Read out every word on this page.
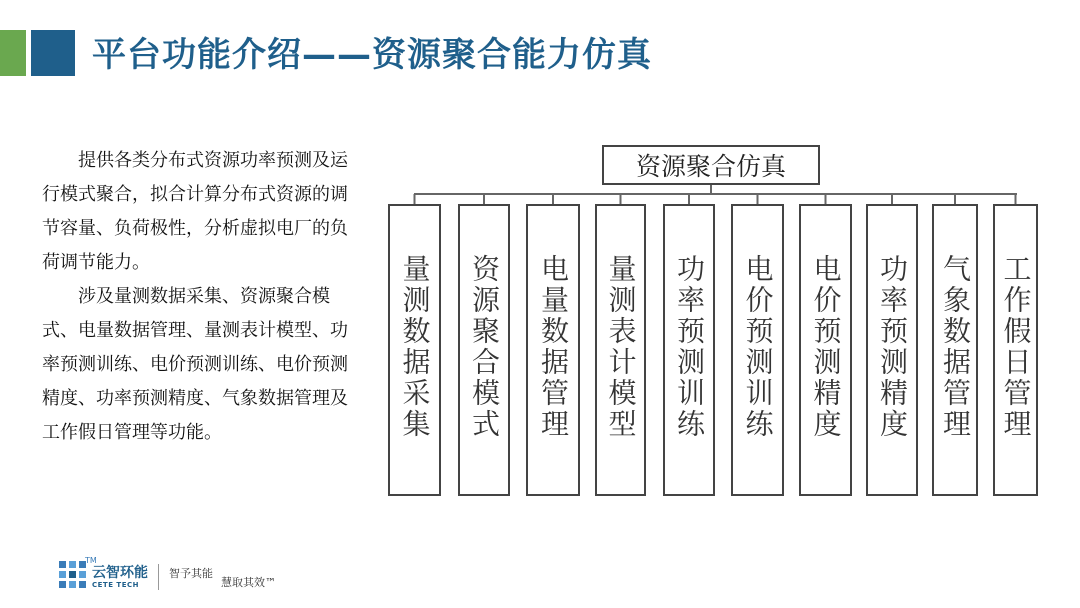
平台功能介绍——资源聚合能力仿真

提供各类分布式资源功率预测及运行模式聚合，拟合计算分布式资源的调节容量、负荷极性，分析虚拟电厂的负荷调节能力。

涉及量测数据采集、资源聚合模式、电量数据管理、量测表计模型、功率预测训练、电价预测训练、电价预测精度、功率预测精度、气象数据管理及工作假日管理等功能。

资源聚合仿真
量测数据采集 资源聚合模式 电量数据管理 量测表计模型 功率预测训练 电价预测训练 电价预测精度 功率预测精度 气象数据管理 工作假日管理
TM
云智环能
CETE TECH
智予其能
慧取其效™
